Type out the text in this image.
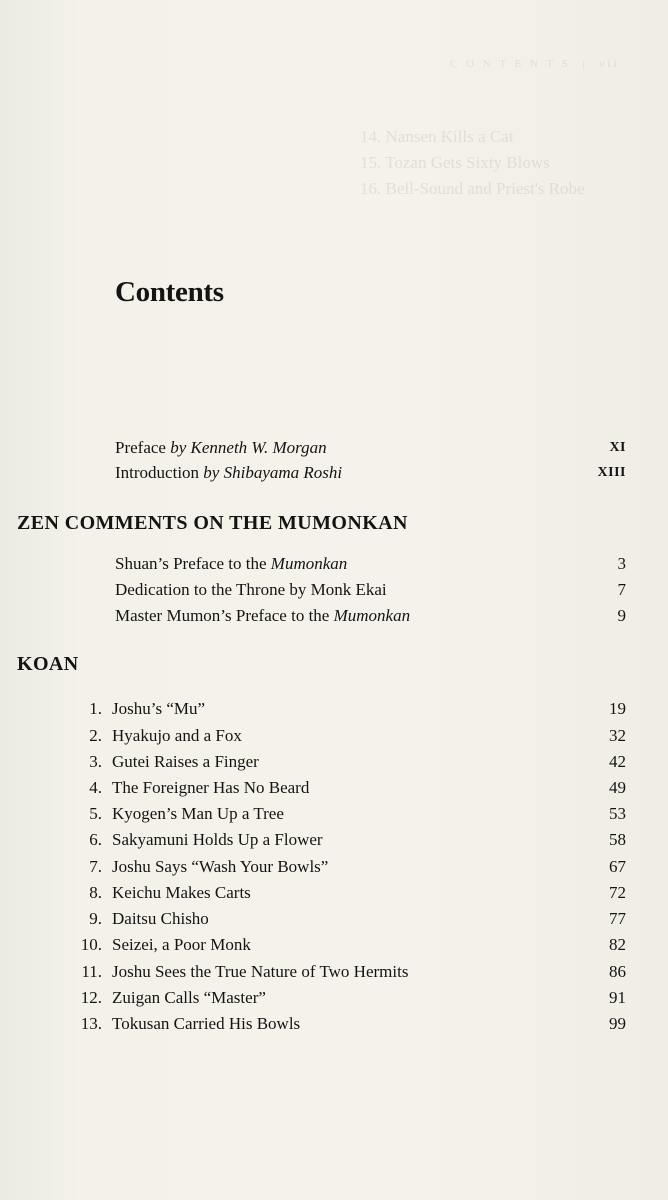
C O N T E N T S  |  vii
14. Nansen Kills a Cat
15. Tozan Gets Sixty Blows
16. Bell-Sound and Priest's Robe
Contents
Preface by Kenneth W. Morgan	XI
Introduction by Shibayama Roshi	XIII
ZEN COMMENTS ON THE MUMONKAN
Shuan’s Preface to the Mumonkan	3
Dedication to the Throne by Monk Ekai	7
Master Mumon’s Preface to the Mumonkan	9
KOAN
1. Joshu’s “Mu”	19
2. Hyakujo and a Fox	32
3. Gutei Raises a Finger	42
4. The Foreigner Has No Beard	49
5. Kyogen’s Man Up a Tree	53
6. Sakyamuni Holds Up a Flower	58
7. Joshu Says “Wash Your Bowls”	67
8. Keichu Makes Carts	72
9. Daitsu Chisho	77
10. Seizei, a Poor Monk	82
11. Joshu Sees the True Nature of Two Hermits	86
12. Zuigan Calls “Master”	91
13. Tokusan Carried His Bowls	99
